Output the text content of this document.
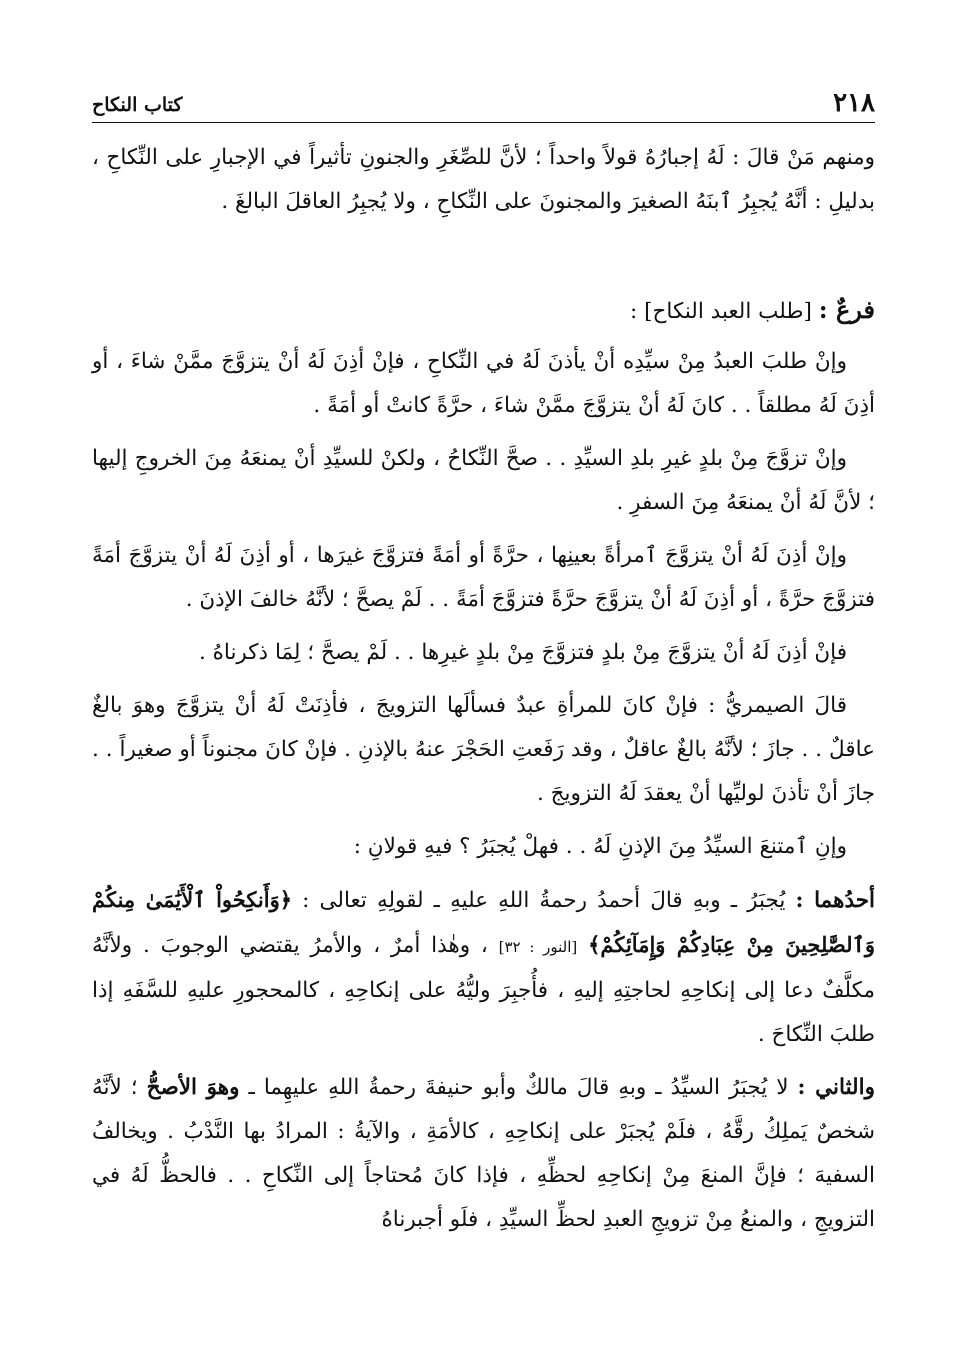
٢١٨
كتاب النكاح

ومنهم مَنْ قالَ : لَهُ إجبارُهُ قولاً واحداً ؛ لأنَّ للصِّغَرِ والجنونِ تأثيراً في الإجبارِ على النِّكاحِ ، بدليلِ : أنَّهُ يُجبِرُ ٱبنَهُ الصغيرَ والمجنونَ على النِّكاحِ ، ولا يُجبِرُ العاقلَ البالغَ .

فرعٌ : [طلب العبد النكاح] :

وإنْ طلبَ العبدُ مِنْ سيِّدِه أنْ يأذنَ لَهُ في النِّكاحِ ، فإنْ أذِنَ لَهُ أنْ يتزوَّجَ ممَّنْ شاءَ ، أو أذِنَ لَهُ مطلقاً . . كانَ لَهُ أنْ يتزوَّجَ ممَّنْ شاءَ ، حرَّةً كانتْ أو أمَةً .

وإنْ تزوَّجَ مِنْ بلدٍ غيرِ بلدِ السيِّدِ . . صحَّ النِّكاحُ ، ولكنْ للسيِّدِ أنْ يمنعَهُ مِنَ الخروجِ إليها ؛ لأنَّ لَهُ أنْ يمنعَهُ مِنَ السفرِ .

وإنْ أذِنَ لَهُ أنْ يتزوَّجَ ٱمرأةً بعينِها ، حرَّةً أو أمَةً فتزوَّجَ غيرَها ، أو أذِنَ لَهُ أنْ يتزوَّجَ أمَةً فتزوَّجَ حرَّةً ، أو أذِنَ لَهُ أنْ يتزوَّجَ حرَّةً فتزوَّجَ أمَةً . . لَمْ يصحَّ ؛ لأنَّهُ خالفَ الإذنَ .

فإنْ أذِنَ لَهُ أنْ يتزوَّجَ مِنْ بلدٍ فتزوَّجَ مِنْ بلدٍ غيرِها . . لَمْ يصحَّ ؛ لِمَا ذكرناهُ .

قالَ الصيمريُّ : فإنْ كانَ للمرأةِ عبدٌ فسألَها التزويجَ ، فأذِنَتْ لَهُ أنْ يتزوَّجَ وهوَ بالغٌ عاقلٌ . . جازَ ؛ لأنَّهُ بالغٌ عاقلٌ ، وقد رَفَعتِ الحَجْرَ عنهُ بالإذنِ . فإنْ كانَ مجنوناً أو صغيراً . . جازَ أنْ تأذنَ لوليِّها أنْ يعقدَ لَهُ التزويجَ .

وإنِ ٱمتنعَ السيِّدُ مِنَ الإذنِ لَهُ . . فهلْ يُجبَرُ ؟ فيهِ قولانِ :

أحدُهما : يُجبَرُ ـ وبهِ قالَ أحمدُ رحمةُ اللهِ عليهِ ـ لقولِهِ تعالى : ﴿وَأَنكِحُواْ ٱلْأَيَٰمَىٰ مِنكُمْ وَٱلصَّٰلِحِينَ مِنْ عِبَادِكُمْ وَإِمَآئِكُمْ﴾ [النور : ٣٢] ، وهٰذا أمرٌ ، والأمرُ يقتضي الوجوبَ . ولأنَّهُ مكلَّفٌ دعا إلى إنكاحِهِ لحاجتِهِ إليهِ ، فأُجبِرَ وليُّهُ على إنكاحِهِ ، كالمحجورِ عليهِ للسَّفَهِ إذا طلبَ النِّكاحَ .

والثاني : لا يُجبَرُ السيِّدُ ـ وبهِ قالَ مالكٌ وأبو حنيفةَ رحمةُ اللهِ عليهِما ـ وهوَ الأصحُّ ؛ لأنَّهُ شخصٌ يَملِكُ رقَّهُ ، فلَمْ يُجبَرْ على إنكاحِهِ ، كالأمَةِ ، والآيةُ : المرادُ بها النَّدْبُ . ويخالفُ السفيهَ ؛ فإنَّ المنعَ مِنْ إنكاحِهِ لحظِّهِ ، فإذا كانَ مُحتاجاً إلى النِّكاحِ . . فالحظُّ لَهُ في التزويجِ ، والمنعُ مِنْ تزويجِ العبدِ لحظِّ السيِّدِ ، فلَو أجبرناهُ
